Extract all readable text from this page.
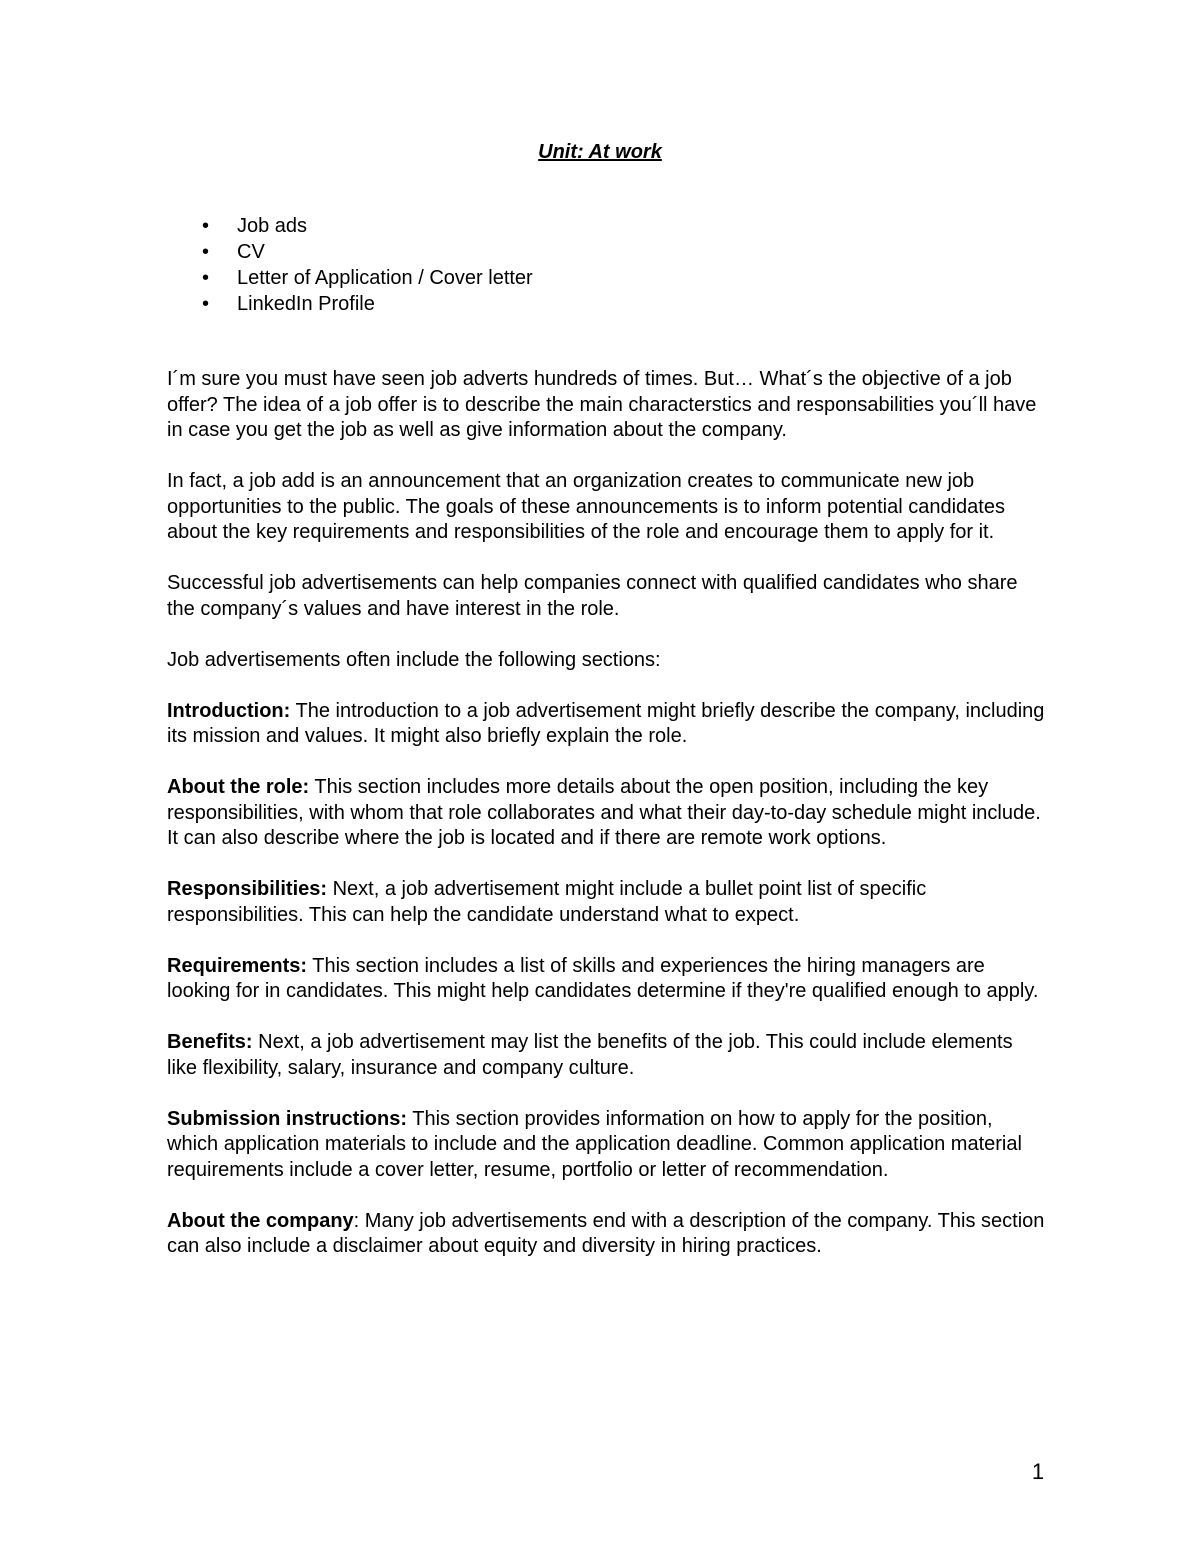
Unit: At work
• Job ads
• CV
• Letter of Application / Cover letter
• LinkedIn Profile

I´m sure you must have seen job adverts hundreds of times. But… What´s the objective of a job offer? The idea of a job offer is to describe the main characterstics and responsabilities you´ll have in case you get the job as well as give information about the company.

In fact, a job add is an announcement that an organization creates to communicate new job opportunities to the public. The goals of these announcements is to inform potential candidates about the key requirements and responsibilities of the role and encourage them to apply for it.

Successful job advertisements can help companies connect with qualified candidates who share the company´s values and have interest in the role.

Job advertisements often include the following sections:

Introduction: The introduction to a job advertisement might briefly describe the company, including its mission and values. It might also briefly explain the role.

About the role: This section includes more details about the open position, including the key responsibilities, with whom that role collaborates and what their day-to-day schedule might include. It can also describe where the job is located and if there are remote work options.

Responsibilities: Next, a job advertisement might include a bullet point list of specific responsibilities. This can help the candidate understand what to expect.

Requirements: This section includes a list of skills and experiences the hiring managers are looking for in candidates. This might help candidates determine if they're qualified enough to apply.

Benefits: Next, a job advertisement may list the benefits of the job. This could include elements like flexibility, salary, insurance and company culture.

Submission instructions: This section provides information on how to apply for the position, which application materials to include and the application deadline. Common application material requirements include a cover letter, resume, portfolio or letter of recommendation.

About the company: Many job advertisements end with a description of the company. This section can also include a disclaimer about equity and diversity in hiring practices.

1
